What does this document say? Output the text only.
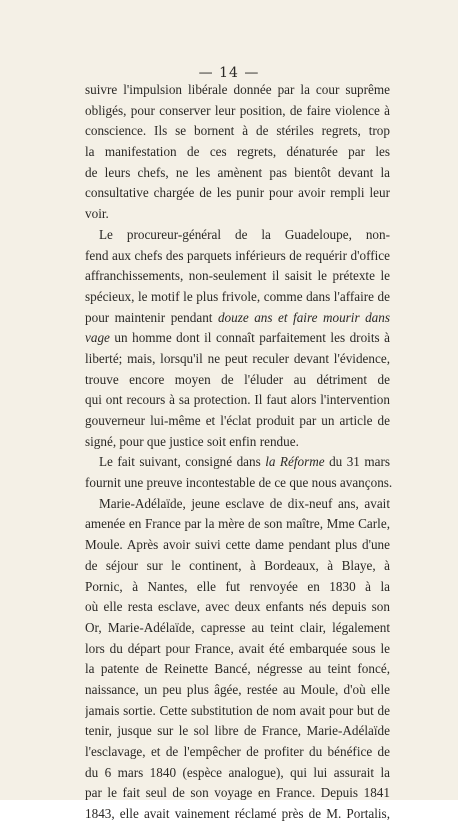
— 14 —
suivre l'impulsion libérale donnée par la cour suprême
obligés, pour conserver leur position, de faire violence à
conscience. Ils se bornent à de stériles regrets, trop
la manifestation de ces regrets, dénaturée par les
de leurs chefs, ne les amènent pas bientôt devant la
consultative chargée de les punir pour avoir rempli leur
voir.
Le procureur-général de la Guadeloupe, non-
fend aux chefs des parquets inférieurs de requérir d'office
affranchissements, non-seulement il saisit le prétexte le
spécieux, le motif le plus frivole, comme dans l'affaire de
pour maintenir pendant douze ans et faire mourir dans
vage un homme dont il connaît parfaitement les droits à
liberté; mais, lorsqu'il ne peut reculer devant l'évidence,
trouve encore moyen de l'éluder au détriment de
qui ont recours à sa protection. Il faut alors l'intervention
gouverneur lui-même et l'éclat produit par un article de
signé, pour que justice soit enfin rendue.
Le fait suivant, consigné dans la Réforme du 31 mars
fournit une preuve incontestable de ce que nous avançons.
Marie-Adélaïde, jeune esclave de dix-neuf ans, avait
amenée en France par la mère de son maître, Mme Carle,
Moule. Après avoir suivi cette dame pendant plus d'une
de séjour sur le continent, à Bordeaux, à Blaye, à
Pornic, à Nantes, elle fut renvoyée en 1830 à la
où elle resta esclave, avec deux enfants nés depuis son
Or, Marie-Adélaïde, capresse au teint clair, légalement
lors du départ pour France, avait été embarquée sous le
la patente de Reinette Bancé, négresse au teint foncé,
naissance, un peu plus âgée, restée au Moule, d'où elle
jamais sortie. Cette substitution de nom avait pour but de
tenir, jusque sur le sol libre de France, Marie-Adélaïde
l'esclavage, et de l'empêcher de profiter du bénéfice de
du 6 mars 1840 (espèce analogue), qui lui assurait la
par le fait seul de son voyage en France. Depuis 1841
1843, elle avait vainement réclamé près de M. Portalis,
